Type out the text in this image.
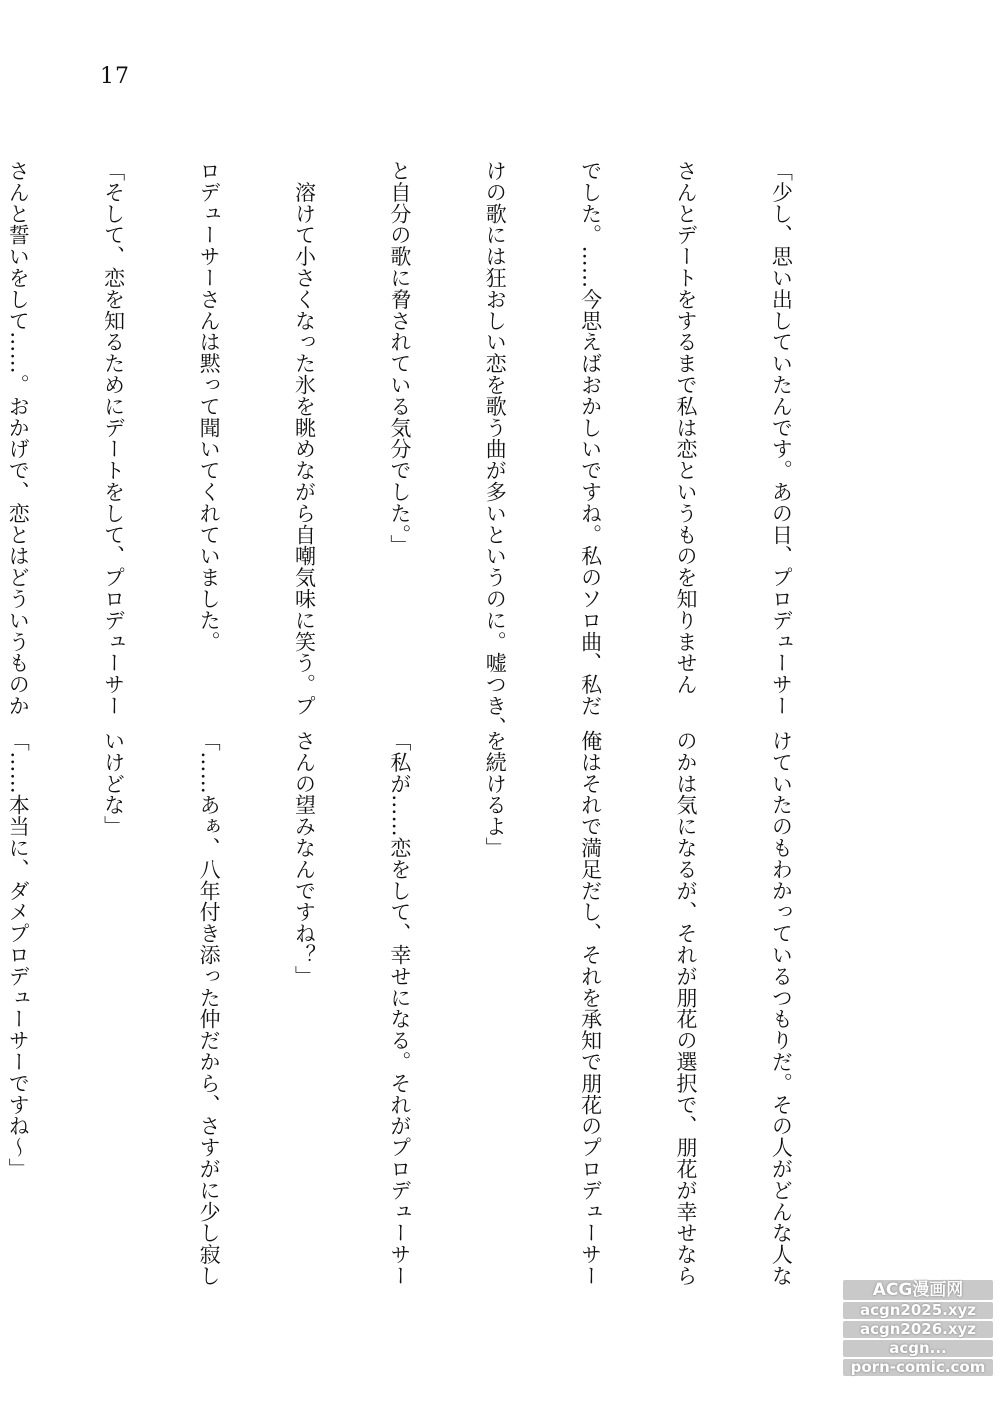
17

「少し、思い出していたんです。あの日、プロデューサー

さんとデートをするまで私は恋というものを知りません

でした。……今思えばおかしいですね。私のソロ曲、私だ

けの歌には狂おしい恋を歌う曲が多いというのに。嘘つき、

と自分の歌に脅されている気分でした。」

　溶けて小さくなった氷を眺めながら自嘲気味に笑う。プ

ロデューサーさんは黙って聞いてくれていました。

「そして、恋を知るためにデートをして、プロデューサー

さんと誓いをして……。おかげで、恋とはどういうものか

けていたのもわかっているつもりだ。その人がどんな人な

のかは気になるが、それが朋花の選択で、朋花が幸せなら

俺はそれで満足だし、それを承知で朋花のプロデューサー

を続けるよ」

「私が……恋をして、幸せになる。それがプロデューサー

さんの望みなんですね？」

「……あぁ、八年付き添った仲だから、さすがに少し寂し

いけどな」

「……本当に、ダメプロデューサーですね～」

ACG漫画网
acgn2025.xyz
acgn2026.xyz
acgn...
porn-comic.com
